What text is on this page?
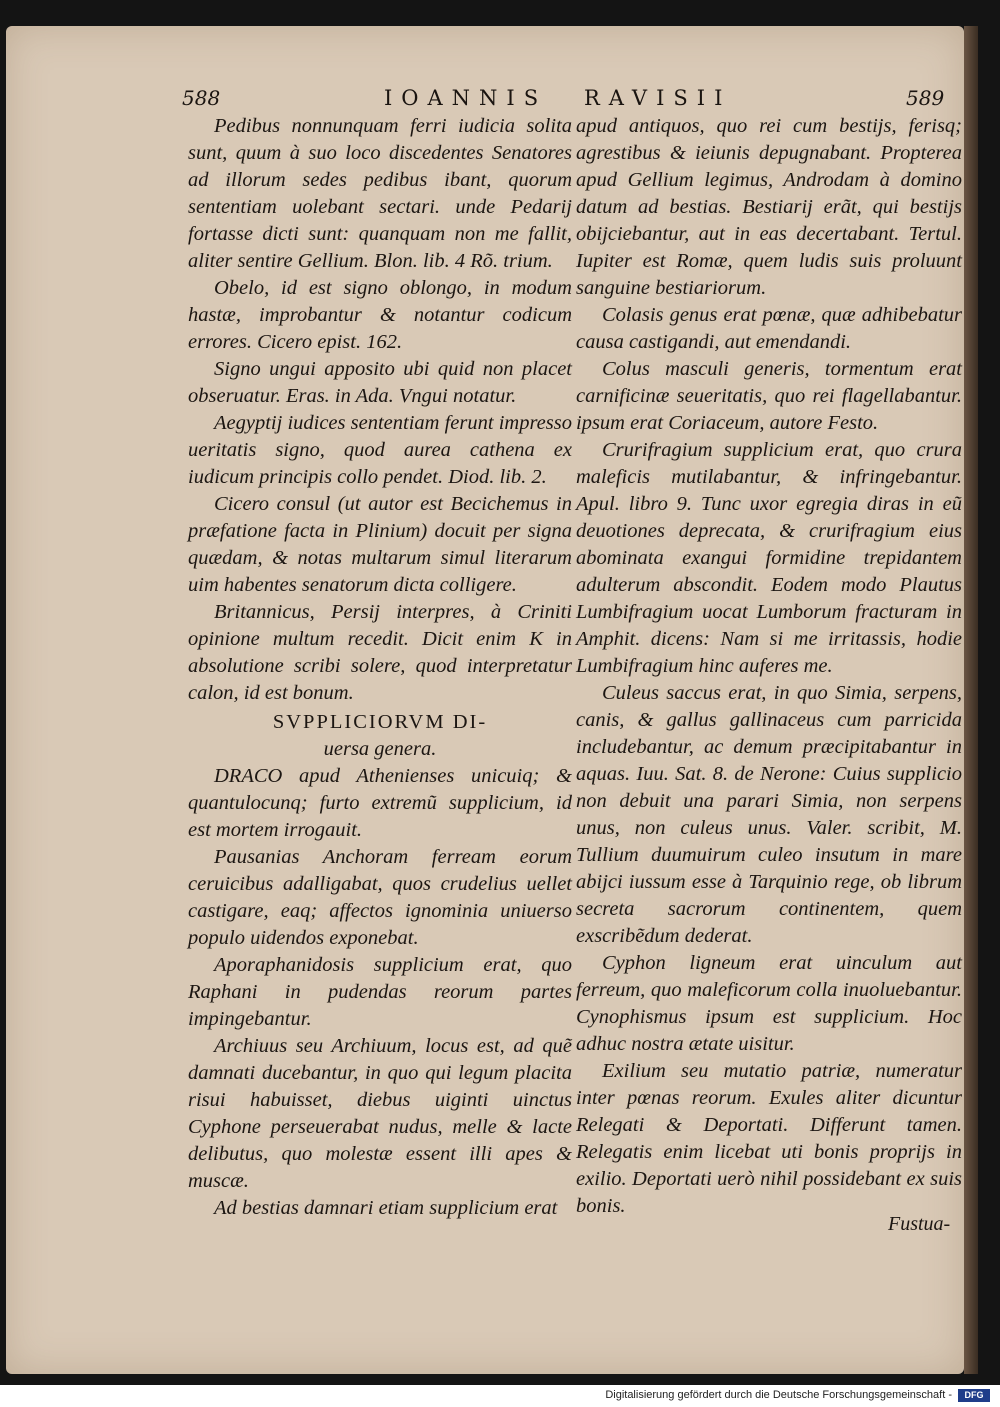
588	IOANNIS RAVISII	589

Pedibus nonnunquam ferri iudicia solita sunt, quum à suo loco discedentes Senatores ad illorum sedes pedibus ibant, quorum sententiam uolebant sectari. unde Pedarij fortasse dicti sunt: quanquam non me fallit, aliter sentire Gellium. Blon. lib. 4 Rõ. trium.

Obelo, id est signo oblongo, in modum hastæ, improbantur & notantur codicum errores. Cicero epist. 162.

Signo ungui apposito ubi quid non placet obseruatur. Eras. in Ada. Vngui notatur.

Aegyptij iudices sententiam ferunt impresso ueritatis signo, quod aurea cathena ex iudicum principis collo pendet. Diod. lib. 2.

Cicero consul (ut autor est Becichemus in præfatione facta in Plinium) docuit per signa quædam, & notas multarum simul literarum uim habentes senatorum dicta colligere.

Britannicus, Persij interpres, à Criniti opinione multum recedit. Dicit enim K in absolutione scribi solere, quod interpretatur calon, id est bonum.

SVPPLICIORVM DI-
uersa genera.

DRACO apud Athenienses unicuiq; & quantulocunq; furto extremũ supplicium, id est mortem irrogauit.

Pausanias Anchoram ferream eorum ceruicibus adalligabat, quos crudelius uellet castigare, eaq; affectos ignominia uniuerso populo uidendos exponebat.

Aporaphanidosis supplicium erat, quo Raphani in pudendas reorum partes impingebantur.

Archiuus seu Archiuum, locus est, ad quẽ damnati ducebantur, in quo qui legum placita risui habuisset, diebus uiginti uinctus Cyphone perseuerabat nudus, melle & lacte delibutus, quo molestæ essent illi apes & muscæ.

Ad bestias damnari etiam supplicium erat

apud antiquos, quo rei cum bestijs, ferisq; agrestibus & ieiunis depugnabant. Propterea apud Gellium legimus, Androdam à domino datum ad bestias. Bestiarij erãt, qui bestijs obijciebantur, aut in eas decertabant. Tertul. Iupiter est Romæ, quem ludis suis proluunt sanguine bestiariorum.

Colasis genus erat pœnæ, quæ adhibebatur causa castigandi, aut emendandi.

Colus masculi generis, tormentum erat carnificinæ seueritatis, quo rei flagellabantur. ipsum erat Coriaceum, autore Festo.

Crurifragium supplicium erat, quo crura maleficis mutilabantur, & infringebantur. Apul. libro 9. Tunc uxor egregia diras in eũ deuotiones deprecata, & crurifragium eius abominata exangui formidine trepidantem adulterum abscondit. Eodem modo Plautus Lumbifragium uocat Lumborum fracturam in Amphit. dicens: Nam si me irritassis, hodie Lumbifragium hinc auferes me.

Culeus saccus erat, in quo Simia, serpens, canis, & gallus gallinaceus cum parricida includebantur, ac demum præcipitabantur in aquas. Iuu. Sat. 8. de Nerone: Cuius supplicio non debuit una parari Simia, non serpens unus, non culeus unus. Valer. scribit, M. Tullium duumuirum culeo insutum in mare abijci iussum esse à Tarquinio rege, ob librum secreta sacrorum continentem, quem exscribẽdum dederat.

Cyphon ligneum erat uinculum aut ferreum, quo maleficorum colla inuoluebantur. Cynophismus ipsum est supplicium. Hoc adhuc nostra ætate uisitur.

Exilium seu mutatio patriæ, numeratur inter pœnas reorum. Exules aliter dicuntur Relegati & Deportati. Differunt tamen. Relegatis enim licebat uti bonis proprijs in exilio. Deportati uerò nihil possidebant ex suis bonis.

Fustua-
Digitalisierung gefördert durch die Deutsche Forschungsgemeinschaft -	DFG
